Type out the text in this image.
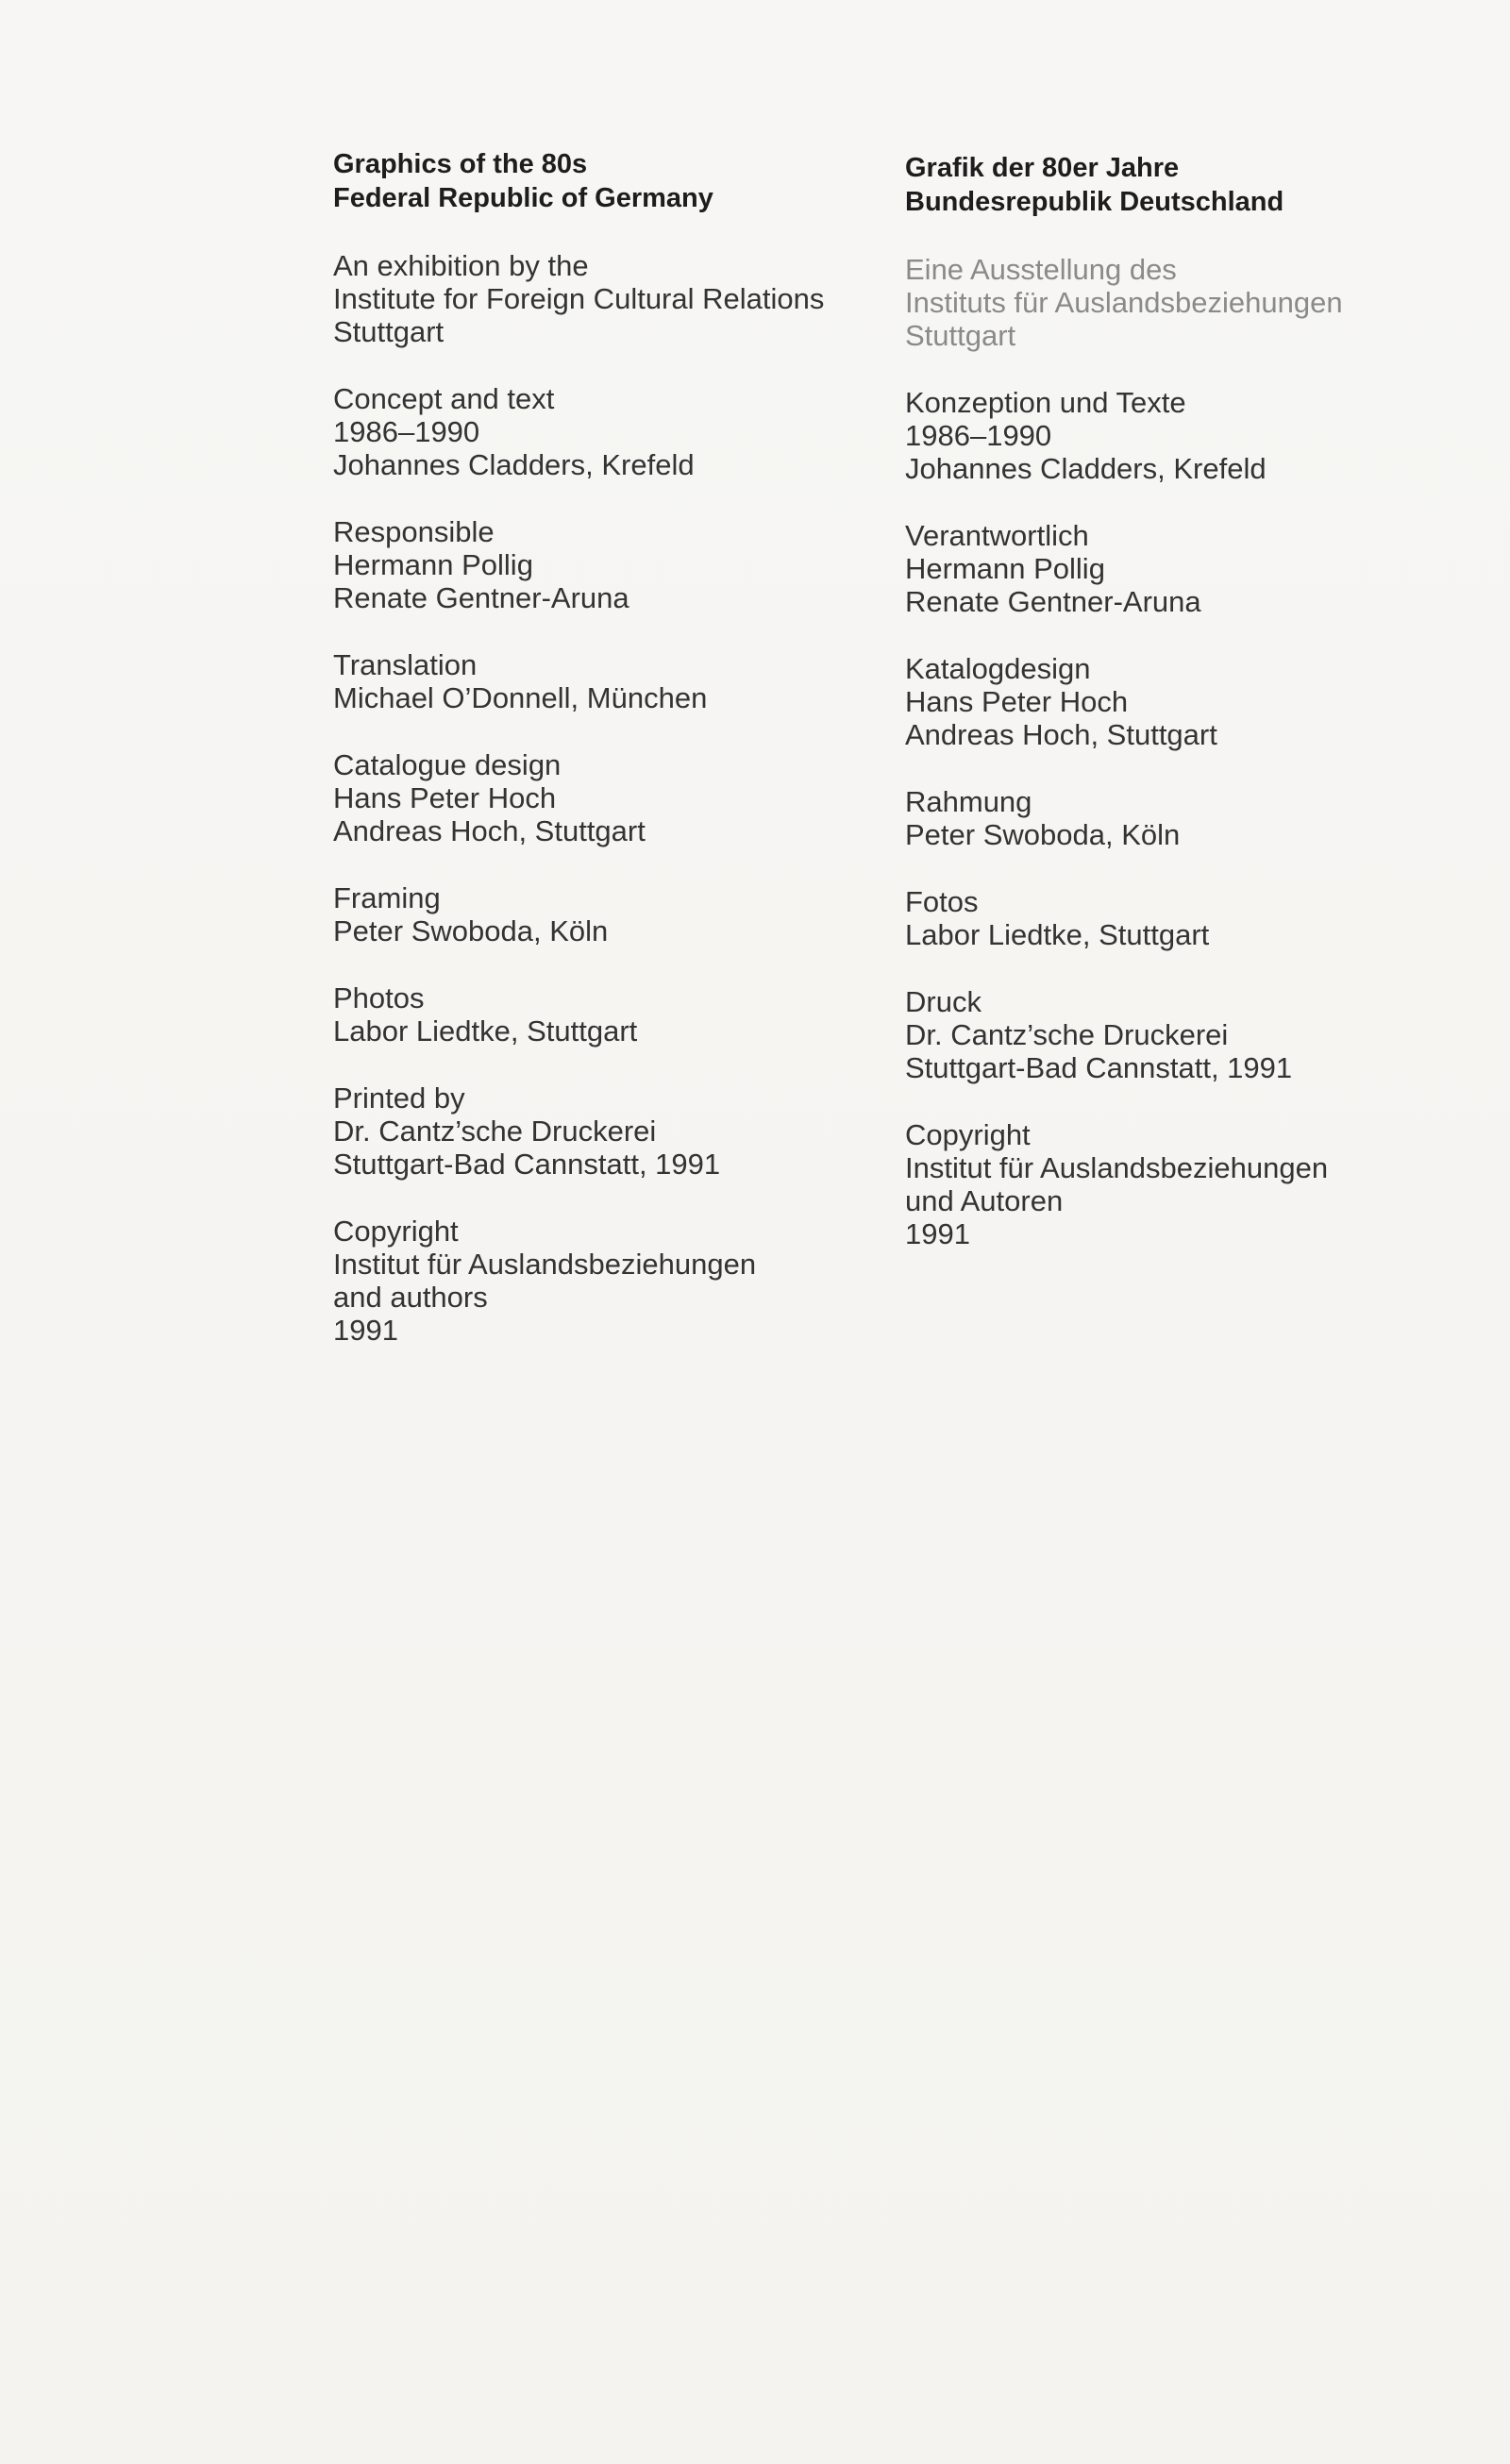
Graphics of the 80s
Federal Republic of Germany
An exhibition by the
Institute for Foreign Cultural Relations
Stuttgart
Concept and text
1986–1990
Johannes Cladders, Krefeld
Responsible
Hermann Pollig
Renate Gentner-Aruna
Translation
Michael O’Donnell, München
Catalogue design
Hans Peter Hoch
Andreas Hoch, Stuttgart
Framing
Peter Swoboda, Köln
Photos
Labor Liedtke, Stuttgart
Printed by
Dr. Cantz’sche Druckerei
Stuttgart-Bad Cannstatt, 1991
Copyright
Institut für Auslandsbeziehungen
and authors
1991
Grafik der 80er Jahre
Bundesrepublik Deutschland
Eine Ausstellung des
Instituts für Auslandsbeziehungen
Stuttgart
Konzeption und Texte
1986–1990
Johannes Cladders, Krefeld
Verantwortlich
Hermann Pollig
Renate Gentner-Aruna
Katalogdesign
Hans Peter Hoch
Andreas Hoch, Stuttgart
Rahmung
Peter Swoboda, Köln
Fotos
Labor Liedtke, Stuttgart
Druck
Dr. Cantz’sche Druckerei
Stuttgart-Bad Cannstatt, 1991
Copyright
Institut für Auslandsbeziehungen
und Autoren
1991
